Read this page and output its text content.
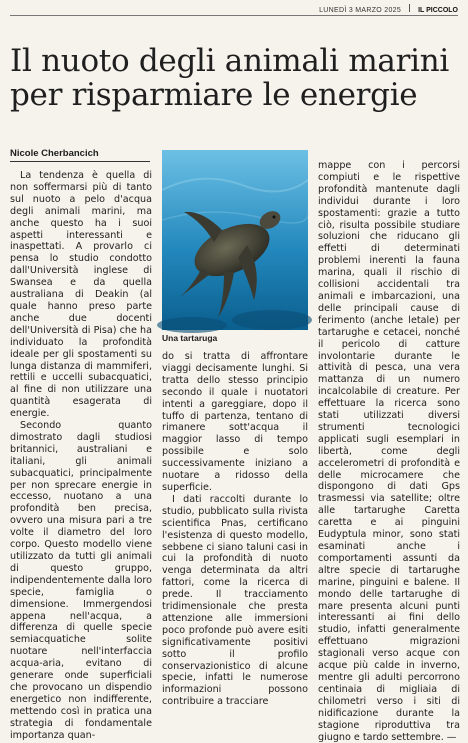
LUNEDÌ 3 MARZO 2025 IL PICCOLO
Il nuoto degli animali marini per risparmiare le energie
Nicole Cherbancich

La tendenza è quella di non soffermarsi più di tanto sul nuoto a pelo d'acqua degli animali marini, ma anche questo ha i suoi aspetti interessanti e inaspettati. A provarlo ci pensa lo studio condotto dall'Università inglese di Swansea e da quella australiana di Deakin (al quale hanno preso parte anche due docenti dell'Università di Pisa) che ha individuato la profondità ideale per gli spostamenti su lunga distanza di mammiferi, rettili e uccelli subacquatici, al fine di non utilizzare una quantità esagerata di energie.

Secondo quanto dimostrato dagli studiosi britannici, australiani e italiani, gli animali subacquatici, principalmente per non sprecare energie in eccesso, nuotano a una profondità ben precisa, ovvero una misura pari a tre volte il diametro del loro corpo. Questo modello viene utilizzato da tutti gli animali di questo gruppo, indipendentemente dalla loro specie, famiglia o dimensione. Immergendosi appena nell'acqua, a differenza di quelle specie semiacquatiche solite nuotare nell'interfaccia acqua-aria, evitano di generare onde superficiali che provocano un dispendio energetico non indifferente, mettendo così in pratica una strategia di fondamentale importanza quan-

Una tartaruga

do si tratta di affrontare viaggi decisamente lunghi. Si tratta dello stesso principio secondo il quale i nuotatori intenti a gareggiare, dopo il tuffo di partenza, tentano di rimanere sott'acqua il maggior lasso di tempo possibile e solo successivamente iniziano a nuotare a ridosso della superficie.

I dati raccolti durante lo studio, pubblicato sulla rivista scientifica Pnas, certificano l'esistenza di questo modello, sebbene ci siano taluni casi in cui la profondità di nuoto venga determinata da altri fattori, come la ricerca di prede. Il tracciamento tridimensionale che presta attenzione alle immersioni poco profonde può avere esiti significativamente positivi sotto il profilo conservazionistico di alcune specie, infatti le numerose informazioni possono contribuire a tracciare

mappe con i percorsi compiuti e le rispettive profondità mantenute dagli individui durante i loro spostamenti: grazie a tutto ciò, risulta possibile studiare soluzioni che riducano gli effetti di determinati problemi inerenti la fauna marina, quali il rischio di collisioni accidentali tra animali e imbarcazioni, una delle principali cause di ferimento (anche letale) per tartarughe e cetacei, nonché il pericolo di catture involontarie durante le attività di pesca, una vera mattanza di un numero incalcolabile di creature. Per effettuare la ricerca sono stati utilizzati diversi strumenti tecnologici applicati sugli esemplari in libertà, come degli accelerometri di profondità e delle microcamere che dispongono di dati Gps trasmessi via satellite; oltre alle tartarughe Caretta caretta e ai pinguini Eudyptula minor, sono stati esaminati anche i comportamenti assunti da altre specie di tartarughe marine, pinguini e balene. Il mondo delle tartarughe di mare presenta alcuni punti interessanti ai fini dello studio, infatti generalmente effettuano migrazioni stagionali verso acque con acque più calde in inverno, mentre gli adulti percorrono centinaia di migliaia di chilometri verso i siti di nidificazione durante la stagione riproduttiva tra giugno e tardo settembre. —
